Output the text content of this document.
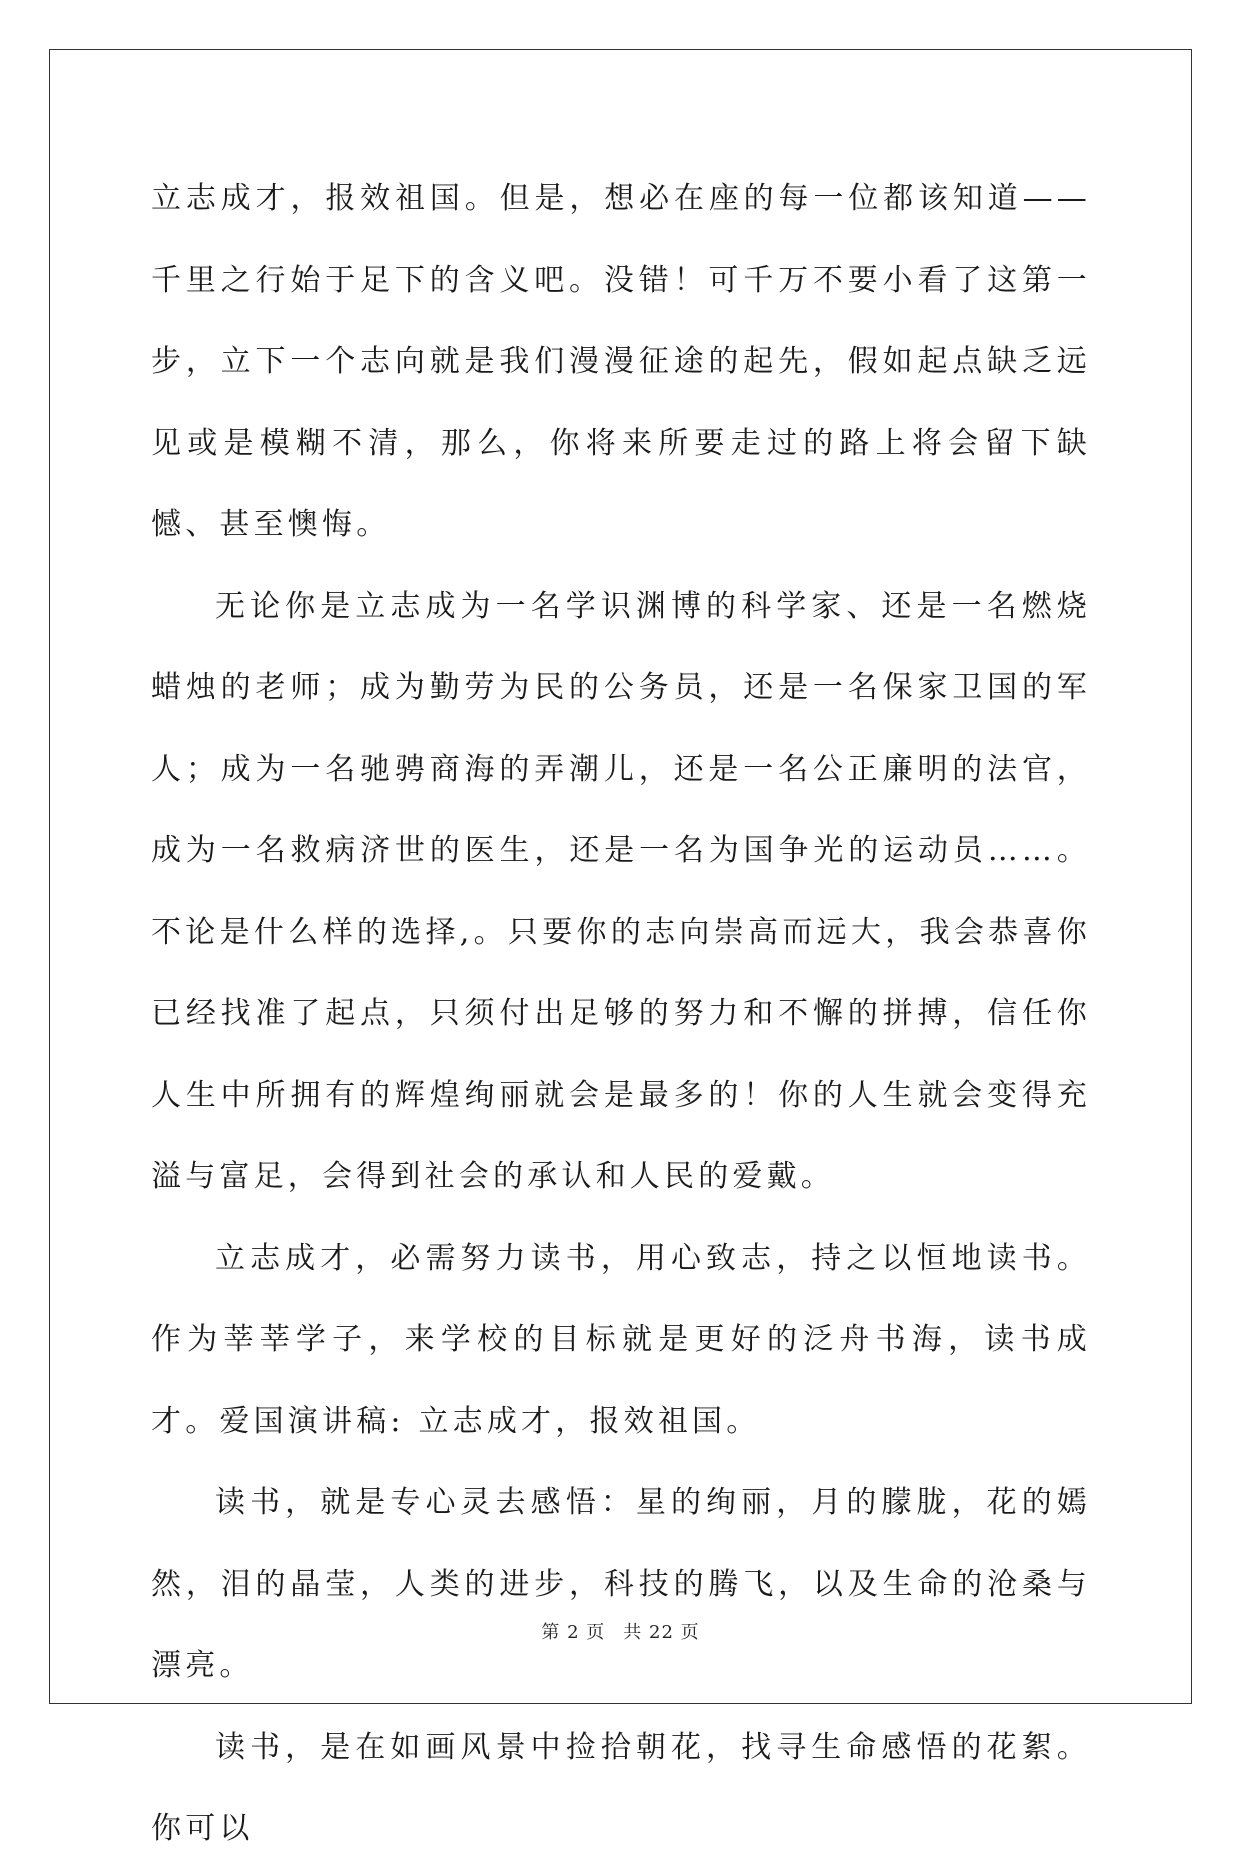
立志成才，报效祖国。但是，想必在座的每一位都该知道——千里之行始于足下的含义吧。没错！可千万不要小看了这第一步，立下一个志向就是我们漫漫征途的起先，假如起点缺乏远见或是模糊不清，那么，你将来所要走过的路上将会留下缺憾、甚至懊悔。

无论你是立志成为一名学识渊博的科学家、还是一名燃烧蜡烛的老师；成为勤劳为民的公务员，还是一名保家卫国的军人；成为一名驰骋商海的弄潮儿，还是一名公正廉明的法官，成为一名救病济世的医生，还是一名为国争光的运动员……。不论是什么样的选择,。只要你的志向崇高而远大，我会恭喜你已经找准了起点，只须付出足够的努力和不懈的拼搏，信任你人生中所拥有的辉煌绚丽就会是最多的！你的人生就会变得充溢与富足，会得到社会的承认和人民的爱戴。

立志成才，必需努力读书，用心致志，持之以恒地读书。 作为莘莘学子，来学校的目标就是更好的泛舟书海，读书成才。爱国演讲稿: 立志成才，报效祖国。

读书，就是专心灵去感悟：星的绚丽，月的朦胧，花的嫣然，泪的晶莹，人类的进步，科技的腾飞，以及生命的沧桑与漂亮。

读书，是在如画风景中捡拾朝花，找寻生命感悟的花絮。你可以

第 2 页 共 22 页
